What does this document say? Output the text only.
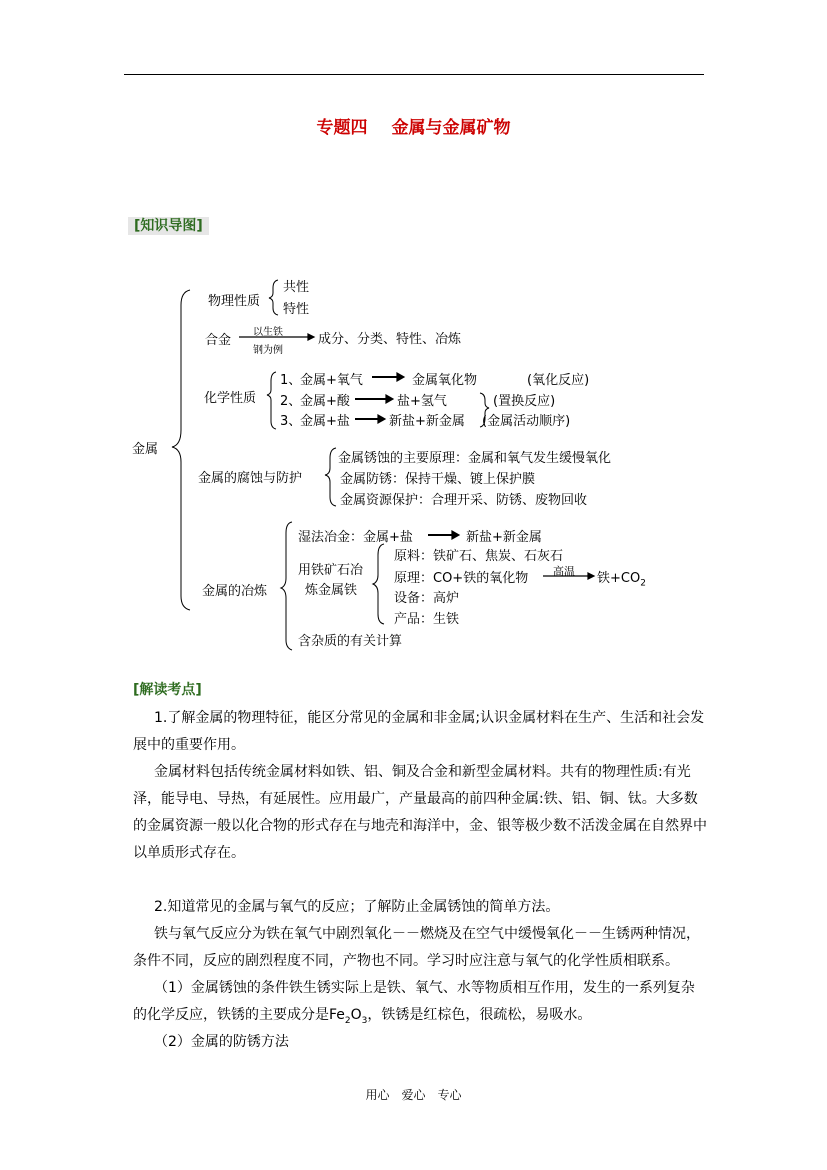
专题四 金属与金属矿物
[知识导图]
金属
物理性质
共性
特性
合金
以生铁
钢为例
成分、分类、特性、冶炼
化学性质
1、
金属+氧气	金属氧化物	(氧化反应)
2、
金属+酸	盐+氢气	(置换反应)
3、
金属+盐	新盐+新金属 (金属活动顺序)
金属的腐蚀与防护
金属锈蚀的主要原理：金属和氧气发生缓慢氧化
金属防锈：保持干燥、镀上保护膜
金属资源保护：合理开采、防锈、废物回收
金属的冶炼
湿法冶金：金属+盐	新盐+新金属
用铁矿石冶
炼金属铁
原料：铁矿石、焦炭、石灰石
原理：CO+铁的氧化物 高温 铁$+CO_2$
设备：高炉
产品：生铁
含杂质的有关计算
[解读考点]
1.了解金属的物理特征，能区分常见的金属和非金属;认识金属材料在生产、生活和社会发展中的重要作用。
金属材料包括传统金属材料如铁、铝、铜及合金和新型金属材料。共有的物理性质:有光泽，能导电、导热，有延展性。应用最广，产量最高的前四种金属:铁、铝、铜、钛。大多数的金属资源一般以化合物的形式存在与地壳和海洋中，金、银等极少数不活泼金属在自然界中以单质形式存在。
2.知道常见的金属与氧气的反应；了解防止金属锈蚀的简单方法。
铁与氧气反应分为铁在氧气中剧烈氧化－－燃烧及在空气中缓慢氧化－－生锈两种情况，条件不同，反应的剧烈程度不同，产物也不同。学习时应注意与氧气的化学性质相联系。
（1）金属锈蚀的条件铁生锈实际上是铁、氧气、水等物质相互作用，发生的一系列复杂的化学反应，铁锈的主要成分是$Fe_2O_3$，铁锈是红棕色，很疏松，易吸水。
（2）金属的防锈方法
用心 爱心 专心
